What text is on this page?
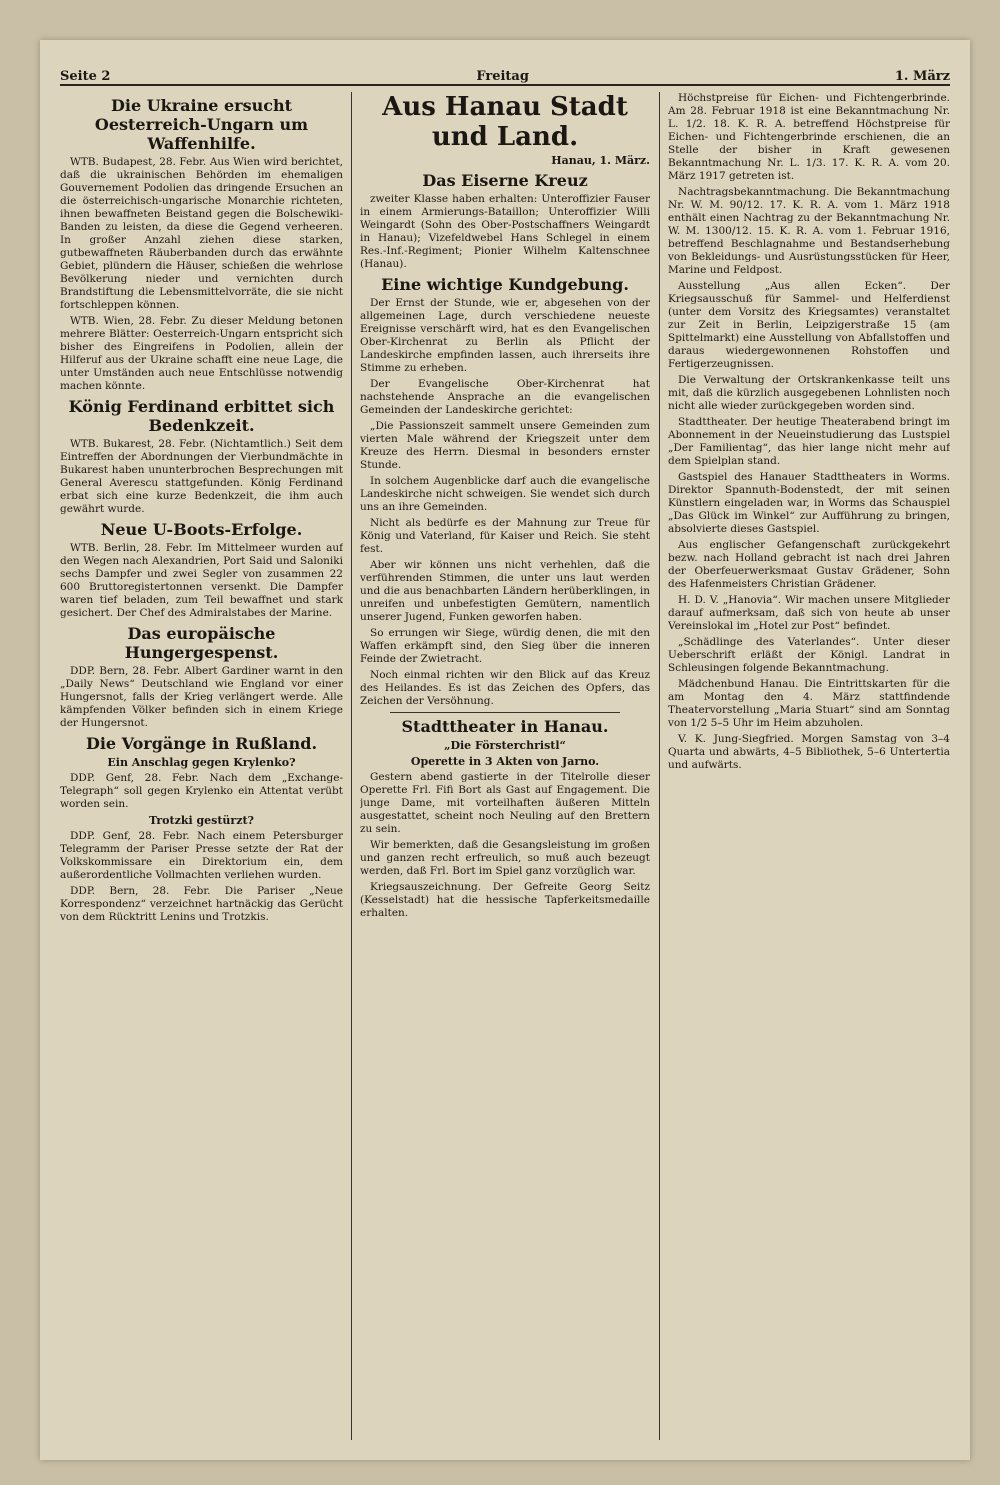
Seite 2	Freitag	1. März
Die Ukraine ersucht Oesterreich-Ungarn um Waffenhilfe.

WTB. Budapest, 28. Febr. Aus Wien wird berichtet, daß die ukrainischen Behörden im ehemaligen Gouvernement Podolien das dringende Ersuchen an die österreichisch-ungarische Monarchie richteten, ihnen bewaffneten Beistand gegen die Bolschewiki-Banden zu leisten, da diese die Gegend verheeren. In großer Anzahl ziehen diese starken, gutbewaffneten Räuberbanden durch das erwähnte Gebiet, plündern die Häuser, schießen die wehrlose Bevölkerung nieder und vernichten durch Brandstiftung die Lebensmittelvorräte, die sie nicht fortschleppen können.

WTB. Wien, 28. Febr. Zu dieser Meldung betonen mehrere Blätter: Oesterreich-Ungarn entspricht sich bisher des Eingreifens in Podolien, allein der Hilferuf aus der Ukraine schafft eine neue Lage, die unter Umständen auch neue Entschlüsse notwendig machen könnte.

König Ferdinand erbittet sich Bedenkzeit.

WTB. Bukarest, 28. Febr. (Nichtamtlich.) Seit dem Eintreffen der Abordnungen der Vierbundmächte in Bukarest haben ununterbrochen Besprechungen mit General Averescu stattgefunden. König Ferdinand erbat sich eine kurze Bedenkzeit, die ihm auch gewährt wurde.

Neue U-Boots-Erfolge.

WTB. Berlin, 28. Febr. Im Mittelmeer wurden auf den Wegen nach Alexandrien, Port Said und Saloniki sechs Dampfer und zwei Segler von zusammen 22 600 Bruttoregistertonnen versenkt. Die Dampfer waren tief beladen, zum Teil bewaffnet und stark gesichert. Der Chef des Admiralstabes der Marine.

Das europäische Hungergespenst.

DDP. Bern, 28. Febr. Albert Gardiner warnt in den „Daily News“ Deutschland wie England vor einer Hungersnot, falls der Krieg verlängert werde. Alle kämpfenden Völker befinden sich in einem Kriege der Hungersnot.

Die Vorgänge in Rußland.
Ein Anschlag gegen Krylenko?

DDP. Genf, 28. Febr. Nach dem „Exchange-Telegraph“ soll gegen Krylenko ein Attentat verübt worden sein.

Trotzki gestürzt?

DDP. Genf, 28. Febr. Nach einem Petersburger Telegramm der Pariser Presse setzte der Rat der Volkskommissare ein Direktorium ein, dem außerordentliche Vollmachten verliehen wurden.

DDP. Bern, 28. Febr. Die Pariser „Neue Korrespondenz“ verzeichnet hartnäckig das Gerücht von dem Rücktritt Lenins und Trotzkis.

Aus Hanau Stadt und Land.
Hanau, 1. März.
Das Eiserne Kreuz

zweiter Klasse haben erhalten: Unteroffizier Fauser in einem Armierungs-Bataillon; Unteroffizier Willi Weingardt (Sohn des Ober-Postschaffners Weingardt in Hanau); Vizefeldwebel Hans Schlegel in einem Res.-Inf.-Regiment; Pionier Wilhelm Kaltenschnee (Hanau).

Eine wichtige Kundgebung.

Der Ernst der Stunde, wie er, abgesehen von der allgemeinen Lage, durch verschiedene neueste Ereignisse verschärft wird, hat es den Evangelischen Ober-Kirchenrat zu Berlin als Pflicht der Landeskirche empfinden lassen, auch ihrerseits ihre Stimme zu erheben.

Der Evangelische Ober-Kirchenrat hat nachstehende Ansprache an die evangelischen Gemeinden der Landeskirche gerichtet:

„Die Passionszeit sammelt unsere Gemeinden zum vierten Male während der Kriegszeit unter dem Kreuze des Herrn. Diesmal in besonders ernster Stunde.

In solchem Augenblicke darf auch die evangelische Landeskirche nicht schweigen. Sie wendet sich durch uns an ihre Gemeinden.

Nicht als bedürfe es der Mahnung zur Treue für König und Vaterland, für Kaiser und Reich. Sie steht fest.

Aber wir können uns nicht verhehlen, daß die verführenden Stimmen, die unter uns laut werden und die aus benachbarten Ländern herüberklingen, in unreifen und unbefestigten Gemütern, namentlich unserer Jugend, Funken geworfen haben.

So errungen wir Siege, würdig denen, die mit den Waffen erkämpft sind, den Sieg über die inneren Feinde der Zwietracht.

Noch einmal richten wir den Blick auf das Kreuz des Heilandes. Es ist das Zeichen des Opfers, das Zeichen der Versöhnung.

Stadttheater in Hanau.
„Die Försterchristl“
Operette in 3 Akten von Jarno.

Gestern abend gastierte in der Titelrolle dieser Operette Frl. Fifi Bort als Gast auf Engagement. Die junge Dame, mit vorteilhaften äußeren Mitteln ausgestattet, scheint noch Neuling auf den Brettern zu sein.

Wir bemerkten, daß die Gesangsleistung im großen und ganzen recht erfreulich, so muß auch bezeugt werden, daß Frl. Bort im Spiel ganz vorzüglich war.

Kriegsauszeichnung. Der Gefreite Georg Seitz (Kesselstadt) hat die hessische Tapferkeitsmedaille erhalten.

Höchstpreise für Eichen- und Fichtengerbrinde. Am 28. Februar 1918 ist eine Bekanntmachung Nr. L. 1/2. 18. K. R. A. betreffend Höchstpreise für Eichen- und Fichtengerbrinde erschienen, die an Stelle der bisher in Kraft gewesenen Bekanntmachung Nr. L. 1/3. 17. K. R. A. vom 20. März 1917 getreten ist.

Nachtragsbekanntmachung. Die Bekanntmachung Nr. W. M. 90/12. 17. K. R. A. vom 1. März 1918 enthält einen Nachtrag zu der Bekanntmachung Nr. W. M. 1300/12. 15. K. R. A. vom 1. Februar 1916, betreffend Beschlagnahme und Bestandserhebung von Bekleidungs- und Ausrüstungsstücken für Heer, Marine und Feldpost.

Ausstellung „Aus allen Ecken“. Der Kriegsausschuß für Sammel- und Helferdienst (unter dem Vorsitz des Kriegsamtes) veranstaltet zur Zeit in Berlin, Leipzigerstraße 15 (am Spittelmarkt) eine Ausstellung von Abfallstoffen und daraus wiedergewonnenen Rohstoffen und Fertigerzeugnissen.

Die Verwaltung der Ortskrankenkasse teilt uns mit, daß die kürzlich ausgegebenen Lohnlisten noch nicht alle wieder zurückgegeben worden sind.

Stadttheater. Der heutige Theaterabend bringt im Abonnement in der Neueinstudierung das Lustspiel „Der Familientag“, das hier lange nicht mehr auf dem Spielplan stand.

Gastspiel des Hanauer Stadttheaters in Worms. Direktor Spannuth-Bodenstedt, der mit seinen Künstlern eingeladen war, in Worms das Schauspiel „Das Glück im Winkel“ zur Aufführung zu bringen, absolvierte dieses Gastspiel.

Aus englischer Gefangenschaft zurückgekehrt bezw. nach Holland gebracht ist nach drei Jahren der Oberfeuerwerksmaat Gustav Grädener, Sohn des Hafenmeisters Christian Grädener.

H. D. V. „Hanovia“. Wir machen unsere Mitglieder darauf aufmerksam, daß sich von heute ab unser Vereinslokal im „Hotel zur Post“ befindet.

„Schädlinge des Vaterlandes“. Unter dieser Ueberschrift erläßt der Königl. Landrat in Schleusingen folgende Bekanntmachung.

Mädchenbund Hanau. Die Eintrittskarten für die am Montag den 4. März stattfindende Theatervorstellung „Maria Stuart“ sind am Sonntag von 1/2 5–5 Uhr im Heim abzuholen.

V. K. Jung-Siegfried. Morgen Samstag von 3–4 Quarta und abwärts, 4–5 Bibliothek, 5–6 Untertertia und aufwärts.
